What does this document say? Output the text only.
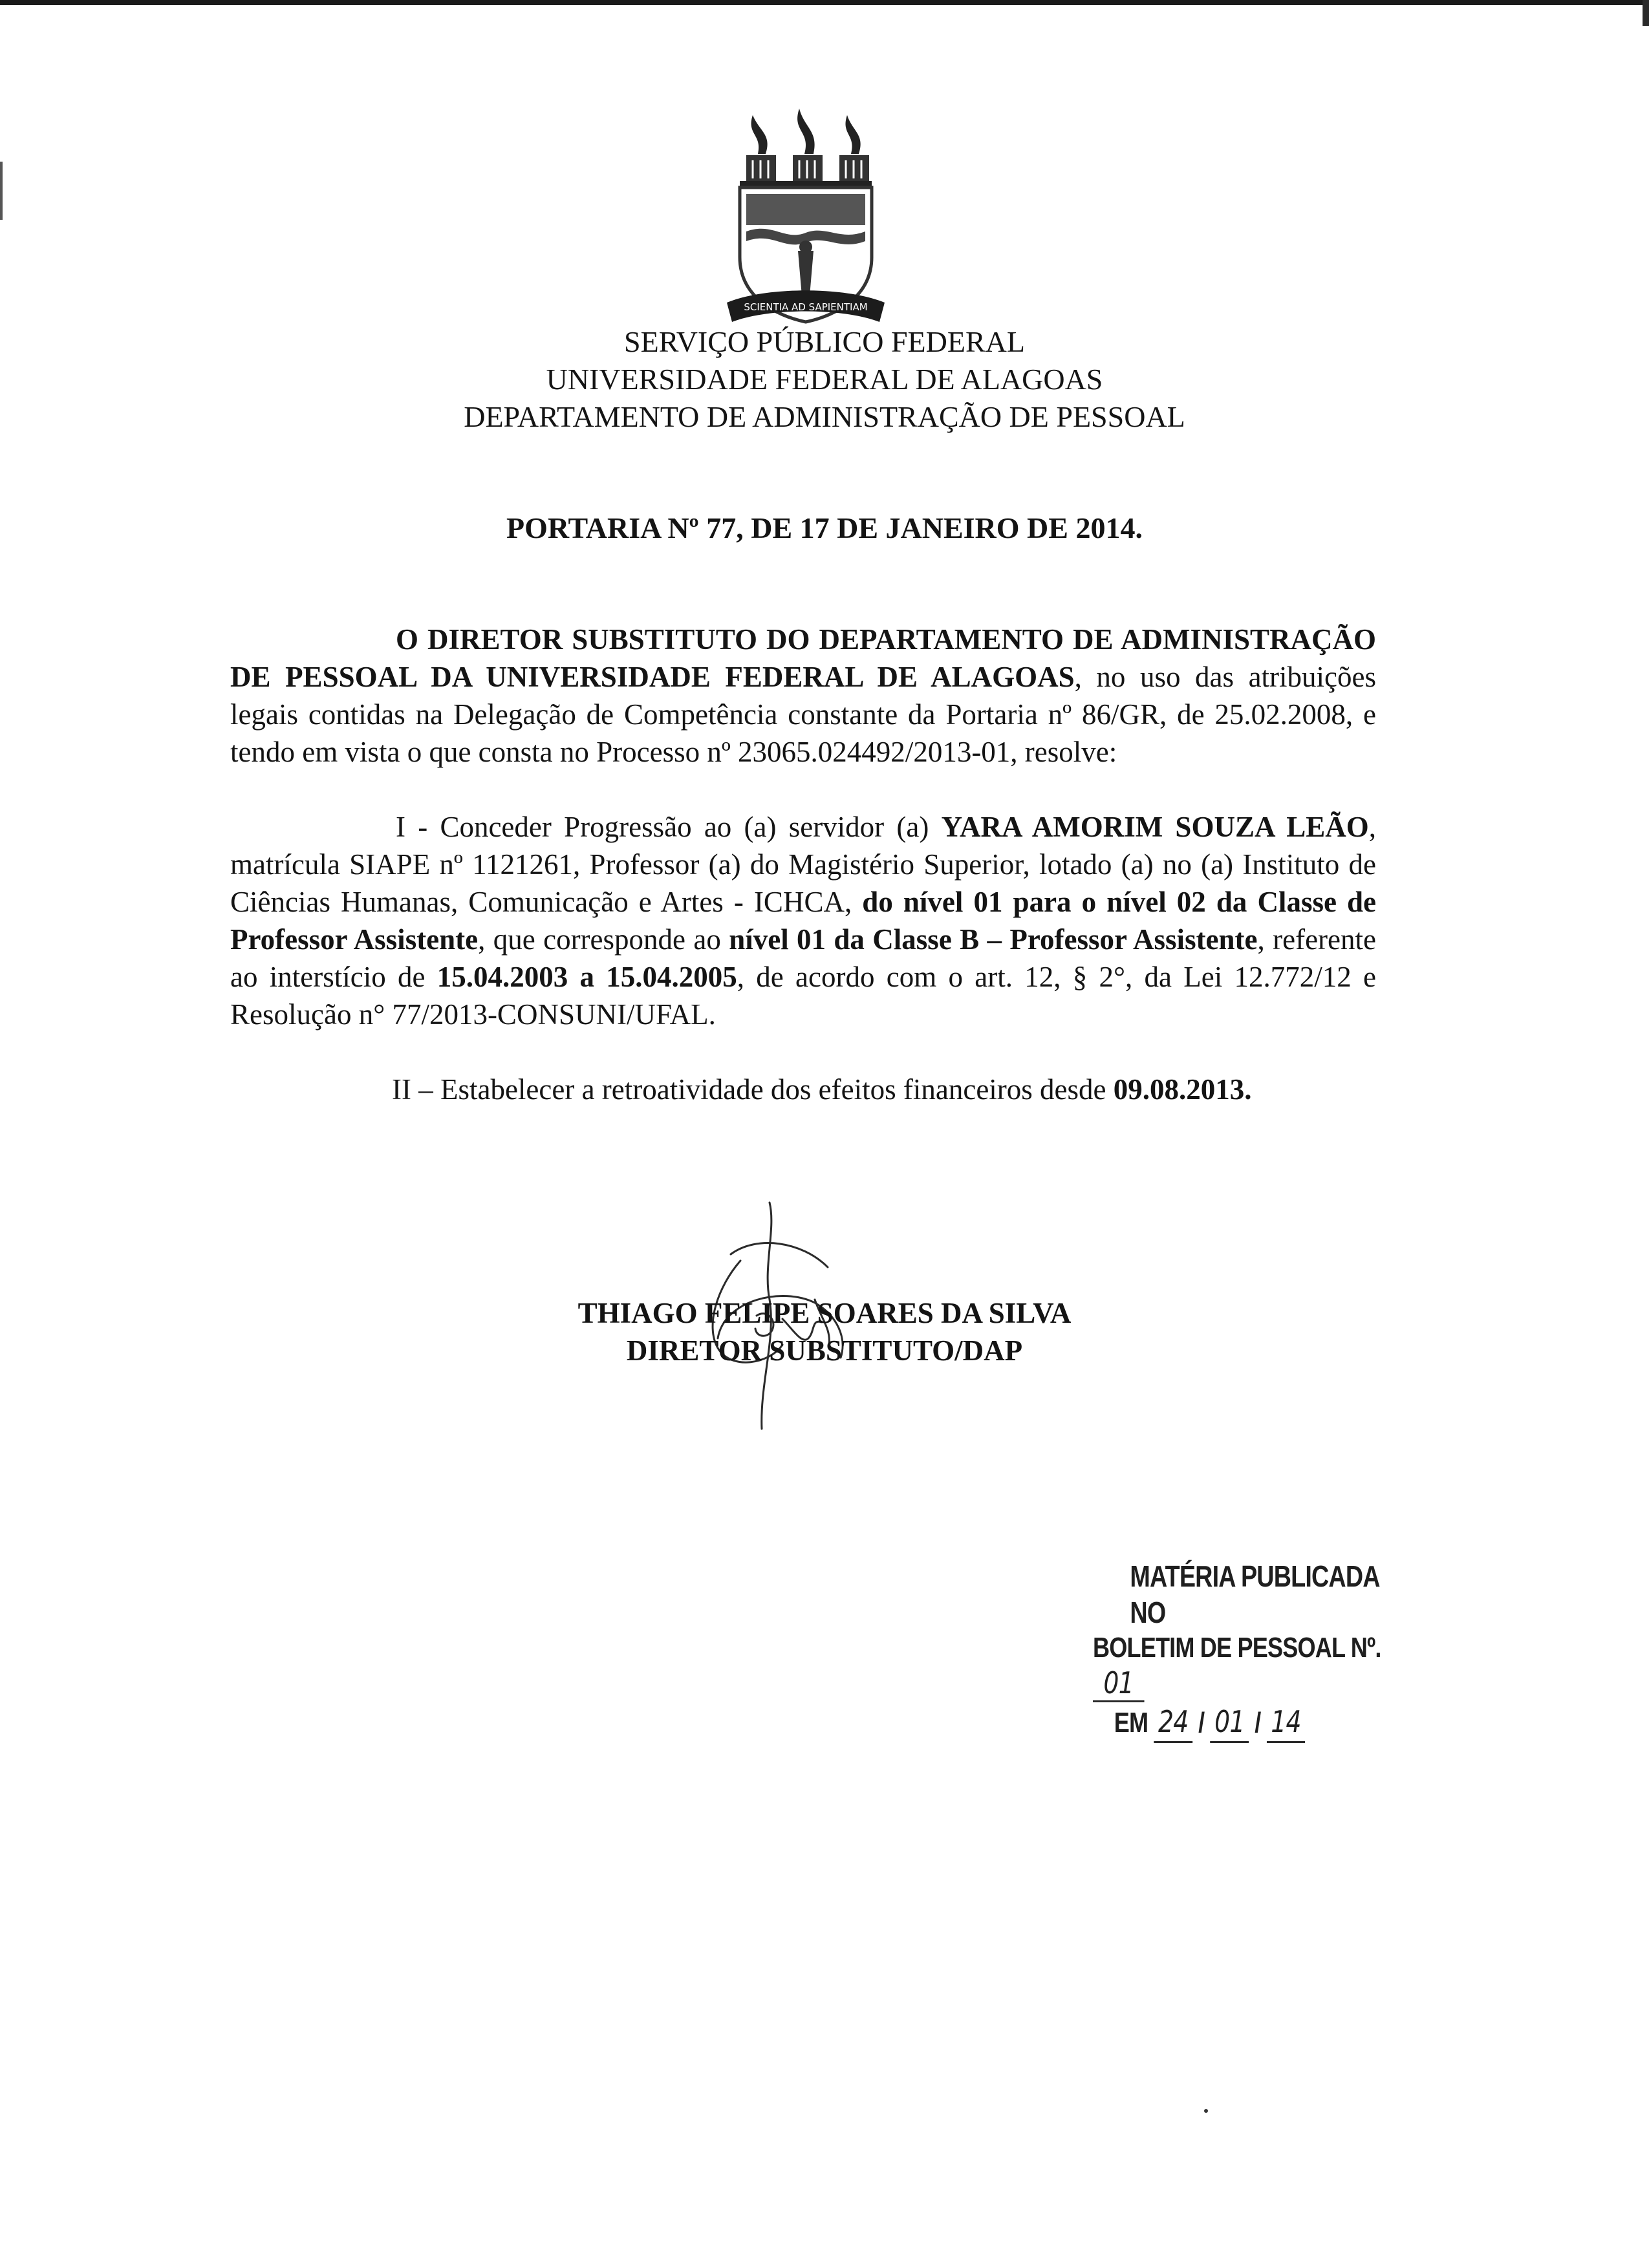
SCIENTIA AD SAPIENTIAM
SERVIÇO PÚBLICO FEDERAL
UNIVERSIDADE FEDERAL DE ALAGOAS
DEPARTAMENTO DE ADMINISTRAÇÃO DE PESSOAL
PORTARIA Nº 77, DE 17 DE JANEIRO DE 2014.

O DIRETOR SUBSTITUTO DO DEPARTAMENTO DE ADMINISTRAÇÃO DE PESSOAL DA UNIVERSIDADE FEDERAL DE ALAGOAS, no uso das atribuições legais contidas na Delegação de Competência constante da Portaria nº 86/GR, de 25.02.2008, e tendo em vista o que consta no Processo nº 23065.024492/2013-01, resolve:

I - Conceder Progressão ao (a) servidor (a) YARA AMORIM SOUZA LEÃO, matrícula SIAPE nº 1121261, Professor (a) do Magistério Superior, lotado (a) no (a) Instituto de Ciências Humanas, Comunicação e Artes - ICHCA, do nível 01 para o nível 02 da Classe de Professor Assistente, que corresponde ao nível 01 da Classe B – Professor Assistente, referente ao interstício de 15.04.2003 a 15.04.2005, de acordo com o art. 12, § 2°, da Lei 12.772/12 e Resolução n° 77/2013-CONSUNI/UFAL.

II – Estabelecer a retroatividade dos efeitos financeiros desde 09.08.2013.

THIAGO FELIPE SOARES DA SILVA
DIRETOR SUBSTITUTO/DAP
MATÉRIA PUBLICADA NO
BOLETIM DE PESSOAL Nº. 01
EM 24 / 01 / 14
